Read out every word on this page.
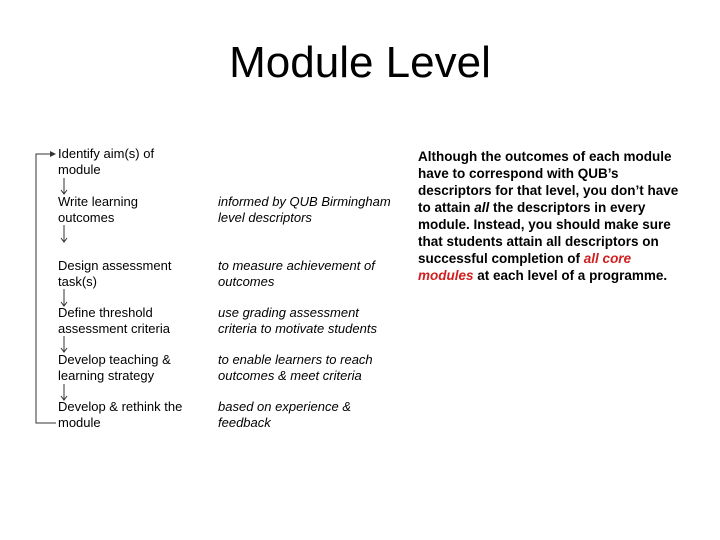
Module Level
Identify aim(s) of module
Write learning outcomes
Design assessment task(s)
Define threshold assessment criteria
Develop teaching & learning strategy
Develop & rethink the module
informed by QUB Birmingham level descriptors
to measure achievement of outcomes
use grading assessment criteria to motivate students
to enable learners to reach outcomes & meet criteria
based on experience & feedback
Although the outcomes of each module have to correspond with QUB’s descriptors for that level, you don’t have to attain all the descriptors in every module. Instead, you should make sure that students attain all descriptors on successful completion of all core modules at each level of a programme.
